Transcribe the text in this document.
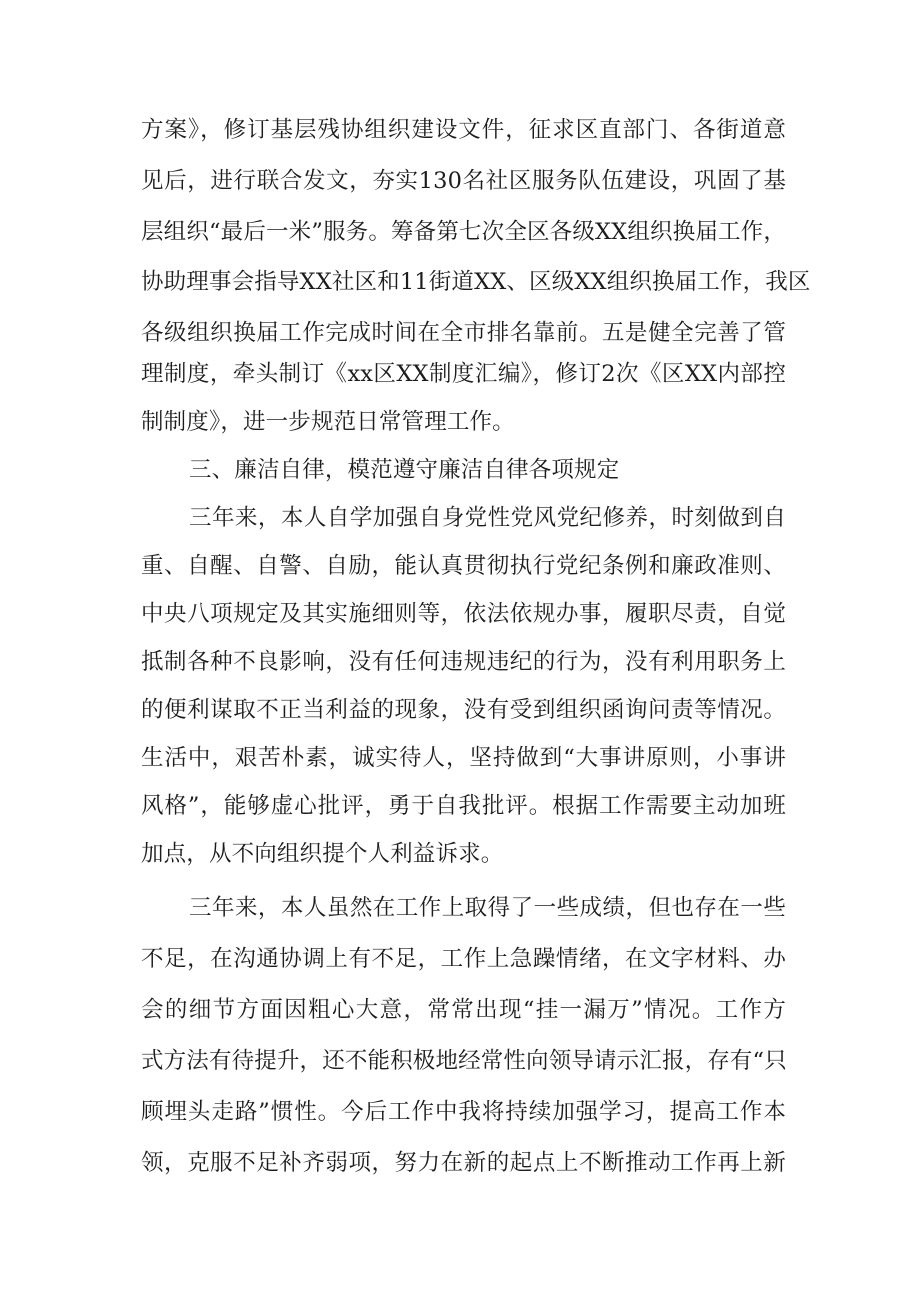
方案》，修订基层残协组织建设文件，征求区直部门、各街道意
见后，进行联合发文，夯实130名社区服务队伍建设，巩固了基
层组织“最后一米”服务。筹备第七次全区各级XX组织换届工作，
协助理事会指导XX社区和11街道XX、区级XX组织换届工作，我区
各级组织换届工作完成时间在全市排名靠前。五是健全完善了管
理制度，牵头制订《xx区XX制度汇编》，修订2次《区XX内部控
制制度》，进一步规范日常管理工作。
三、廉洁自律，模范遵守廉洁自律各项规定
三年来，本人自学加强自身党性党风党纪修养，时刻做到自
重、自醒、自警、自励，能认真贯彻执行党纪条例和廉政准则、
中央八项规定及其实施细则等，依法依规办事，履职尽责，自觉
抵制各种不良影响，没有任何违规违纪的行为，没有利用职务上
的便利谋取不正当利益的现象，没有受到组织函询问责等情况。
生活中，艰苦朴素，诚实待人，坚持做到“大事讲原则，小事讲
风格”，能够虚心批评，勇于自我批评。根据工作需要主动加班
加点，从不向组织提个人利益诉求。
三年来，本人虽然在工作上取得了一些成绩，但也存在一些
不足，在沟通协调上有不足，工作上急躁情绪，在文字材料、办
会的细节方面因粗心大意，常常出现“挂一漏万”情况。工作方
式方法有待提升，还不能积极地经常性向领导请示汇报，存有“只
顾埋头走路”惯性。今后工作中我将持续加强学习，提高工作本
领，克服不足补齐弱项，努力在新的起点上不断推动工作再上新
